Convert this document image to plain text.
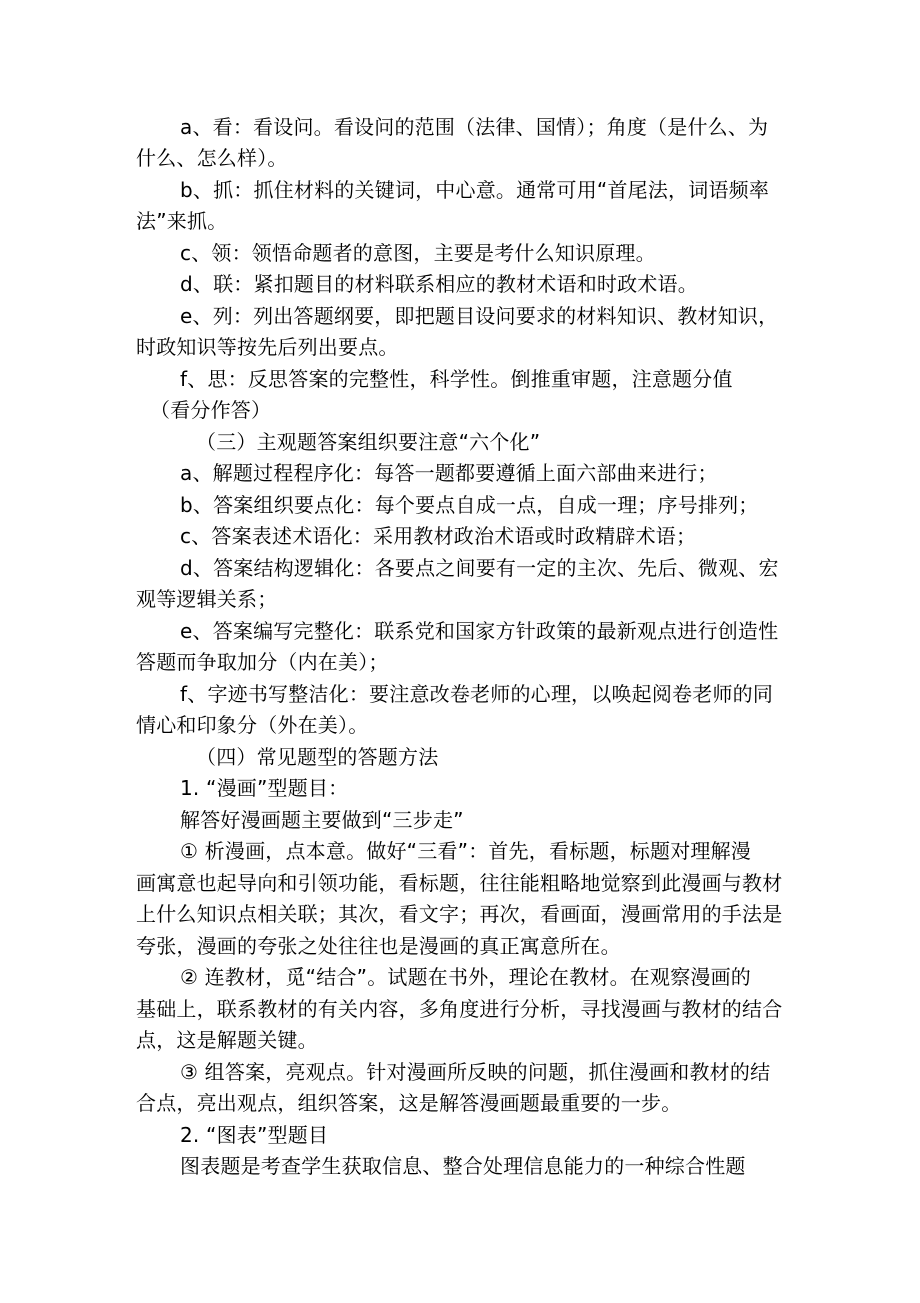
a、看：看设问。看设问的范围（法律、国情）；角度（是什么、为
什么、怎么样）。
b、抓：抓住材料的关键词，中心意。通常可用“首尾法，词语频率
法”来抓。
c、领：领悟命题者的意图，主要是考什么知识原理。
d、联：紧扣题目的材料联系相应的教材术语和时政术语。
e、列：列出答题纲要，即把题目设问要求的材料知识、教材知识，
时政知识等按先后列出要点。
f、思：反思答案的完整性，科学性。倒推重审题，注意题分值
（看分作答）
（三）主观题答案组织要注意“六个化”
a、解题过程程序化：每答一题都要遵循上面六部曲来进行；
b、答案组织要点化：每个要点自成一点，自成一理；序号排列；
c、答案表述术语化：采用教材政治术语或时政精辟术语；
d、答案结构逻辑化：各要点之间要有一定的主次、先后、微观、宏
观等逻辑关系；
e、答案编写完整化：联系党和国家方针政策的最新观点进行创造性
答题而争取加分（内在美）；
f、字迹书写整洁化：要注意改卷老师的心理，以唤起阅卷老师的同
情心和印象分（外在美）。
（四）常见题型的答题方法
1. “漫画”型题目：
解答好漫画题主要做到“三步走”
① 析漫画，点本意。做好“三看”：首先，看标题，标题对理解漫
画寓意也起导向和引领功能，看标题，往往能粗略地觉察到此漫画与教材
上什么知识点相关联；其次，看文字；再次，看画面，漫画常用的手法是
夸张，漫画的夸张之处往往也是漫画的真正寓意所在。
② 连教材，觅“结合”。试题在书外，理论在教材。在观察漫画的
基础上，联系教材的有关内容，多角度进行分析，寻找漫画与教材的结合
点，这是解题关键。
③ 组答案，亮观点。针对漫画所反映的问题，抓住漫画和教材的结
合点，亮出观点，组织答案，这是解答漫画题最重要的一步。
2. “图表”型题目
图表题是考查学生获取信息、整合处理信息能力的一种综合性题
